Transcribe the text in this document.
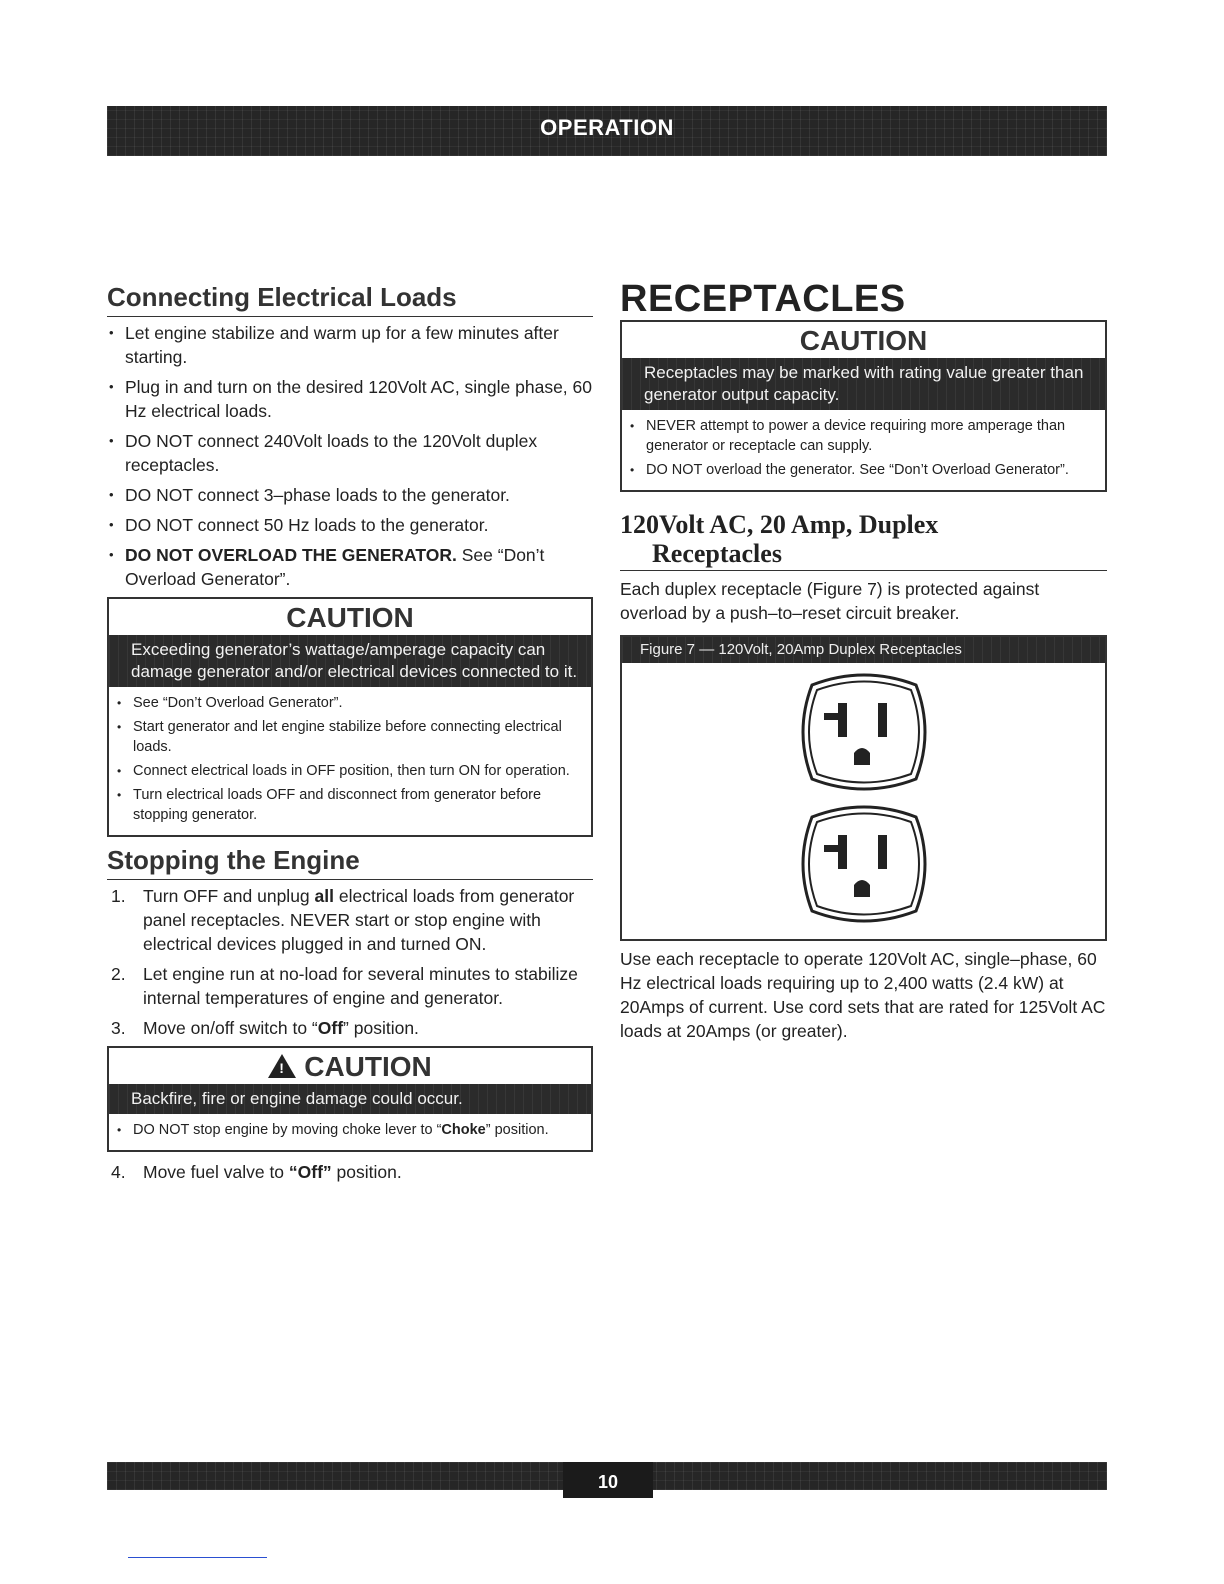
OPERATION
Connecting Electrical Loads
• Let engine stabilize and warm up for a few minutes after starting.
• Plug in and turn on the desired 120Volt AC, single phase, 60 Hz electrical loads.
• DO NOT connect 240Volt loads to the 120Volt duplex receptacles.
• DO NOT connect 3–phase loads to the generator.
• DO NOT connect 50 Hz loads to the generator.
• DO NOT OVERLOAD THE GENERATOR. See “Don’t Overload Generator”.
CAUTION
Exceeding generator’s wattage/amperage capacity can damage generator and/or electrical devices connected to it.
• See “Don’t Overload Generator”.
• Start generator and let engine stabilize before connecting electrical loads.
• Connect electrical loads in OFF position, then turn ON for operation.
• Turn electrical loads OFF and disconnect from generator before stopping generator.
Stopping the Engine
1. Turn OFF and unplug all electrical loads from generator panel receptacles. NEVER start or stop engine with electrical devices plugged in and turned ON.
2. Let engine run at no-load for several minutes to stabilize internal temperatures of engine and generator.
3. Move on/off switch to “Off” position.
!CAUTION
Backfire, fire or engine damage could occur.
• DO NOT stop engine by moving choke lever to “Choke” position.
4. Move fuel valve to “Off” position.
RECEPTACLES
CAUTION
Receptacles may be marked with rating value greater than generator output capacity.
• NEVER attempt to power a device requiring more amperage than generator or receptacle can supply.
• DO NOT overload the generator. See “Don’t Overload Generator”.
120Volt AC, 20 Amp, Duplex
Receptacles

Each duplex receptacle (Figure 7) is protected against overload by a push–to–reset circuit breaker.

Figure 7 — 120Volt, 20Amp Duplex Receptacles

Use each receptacle to operate 120Volt AC, single–phase, 60 Hz electrical loads requiring up to 2,400 watts (2.4 kW) at 20Amps of current. Use cord sets that are rated for 125Volt AC loads at 20Amps (or greater).

10
